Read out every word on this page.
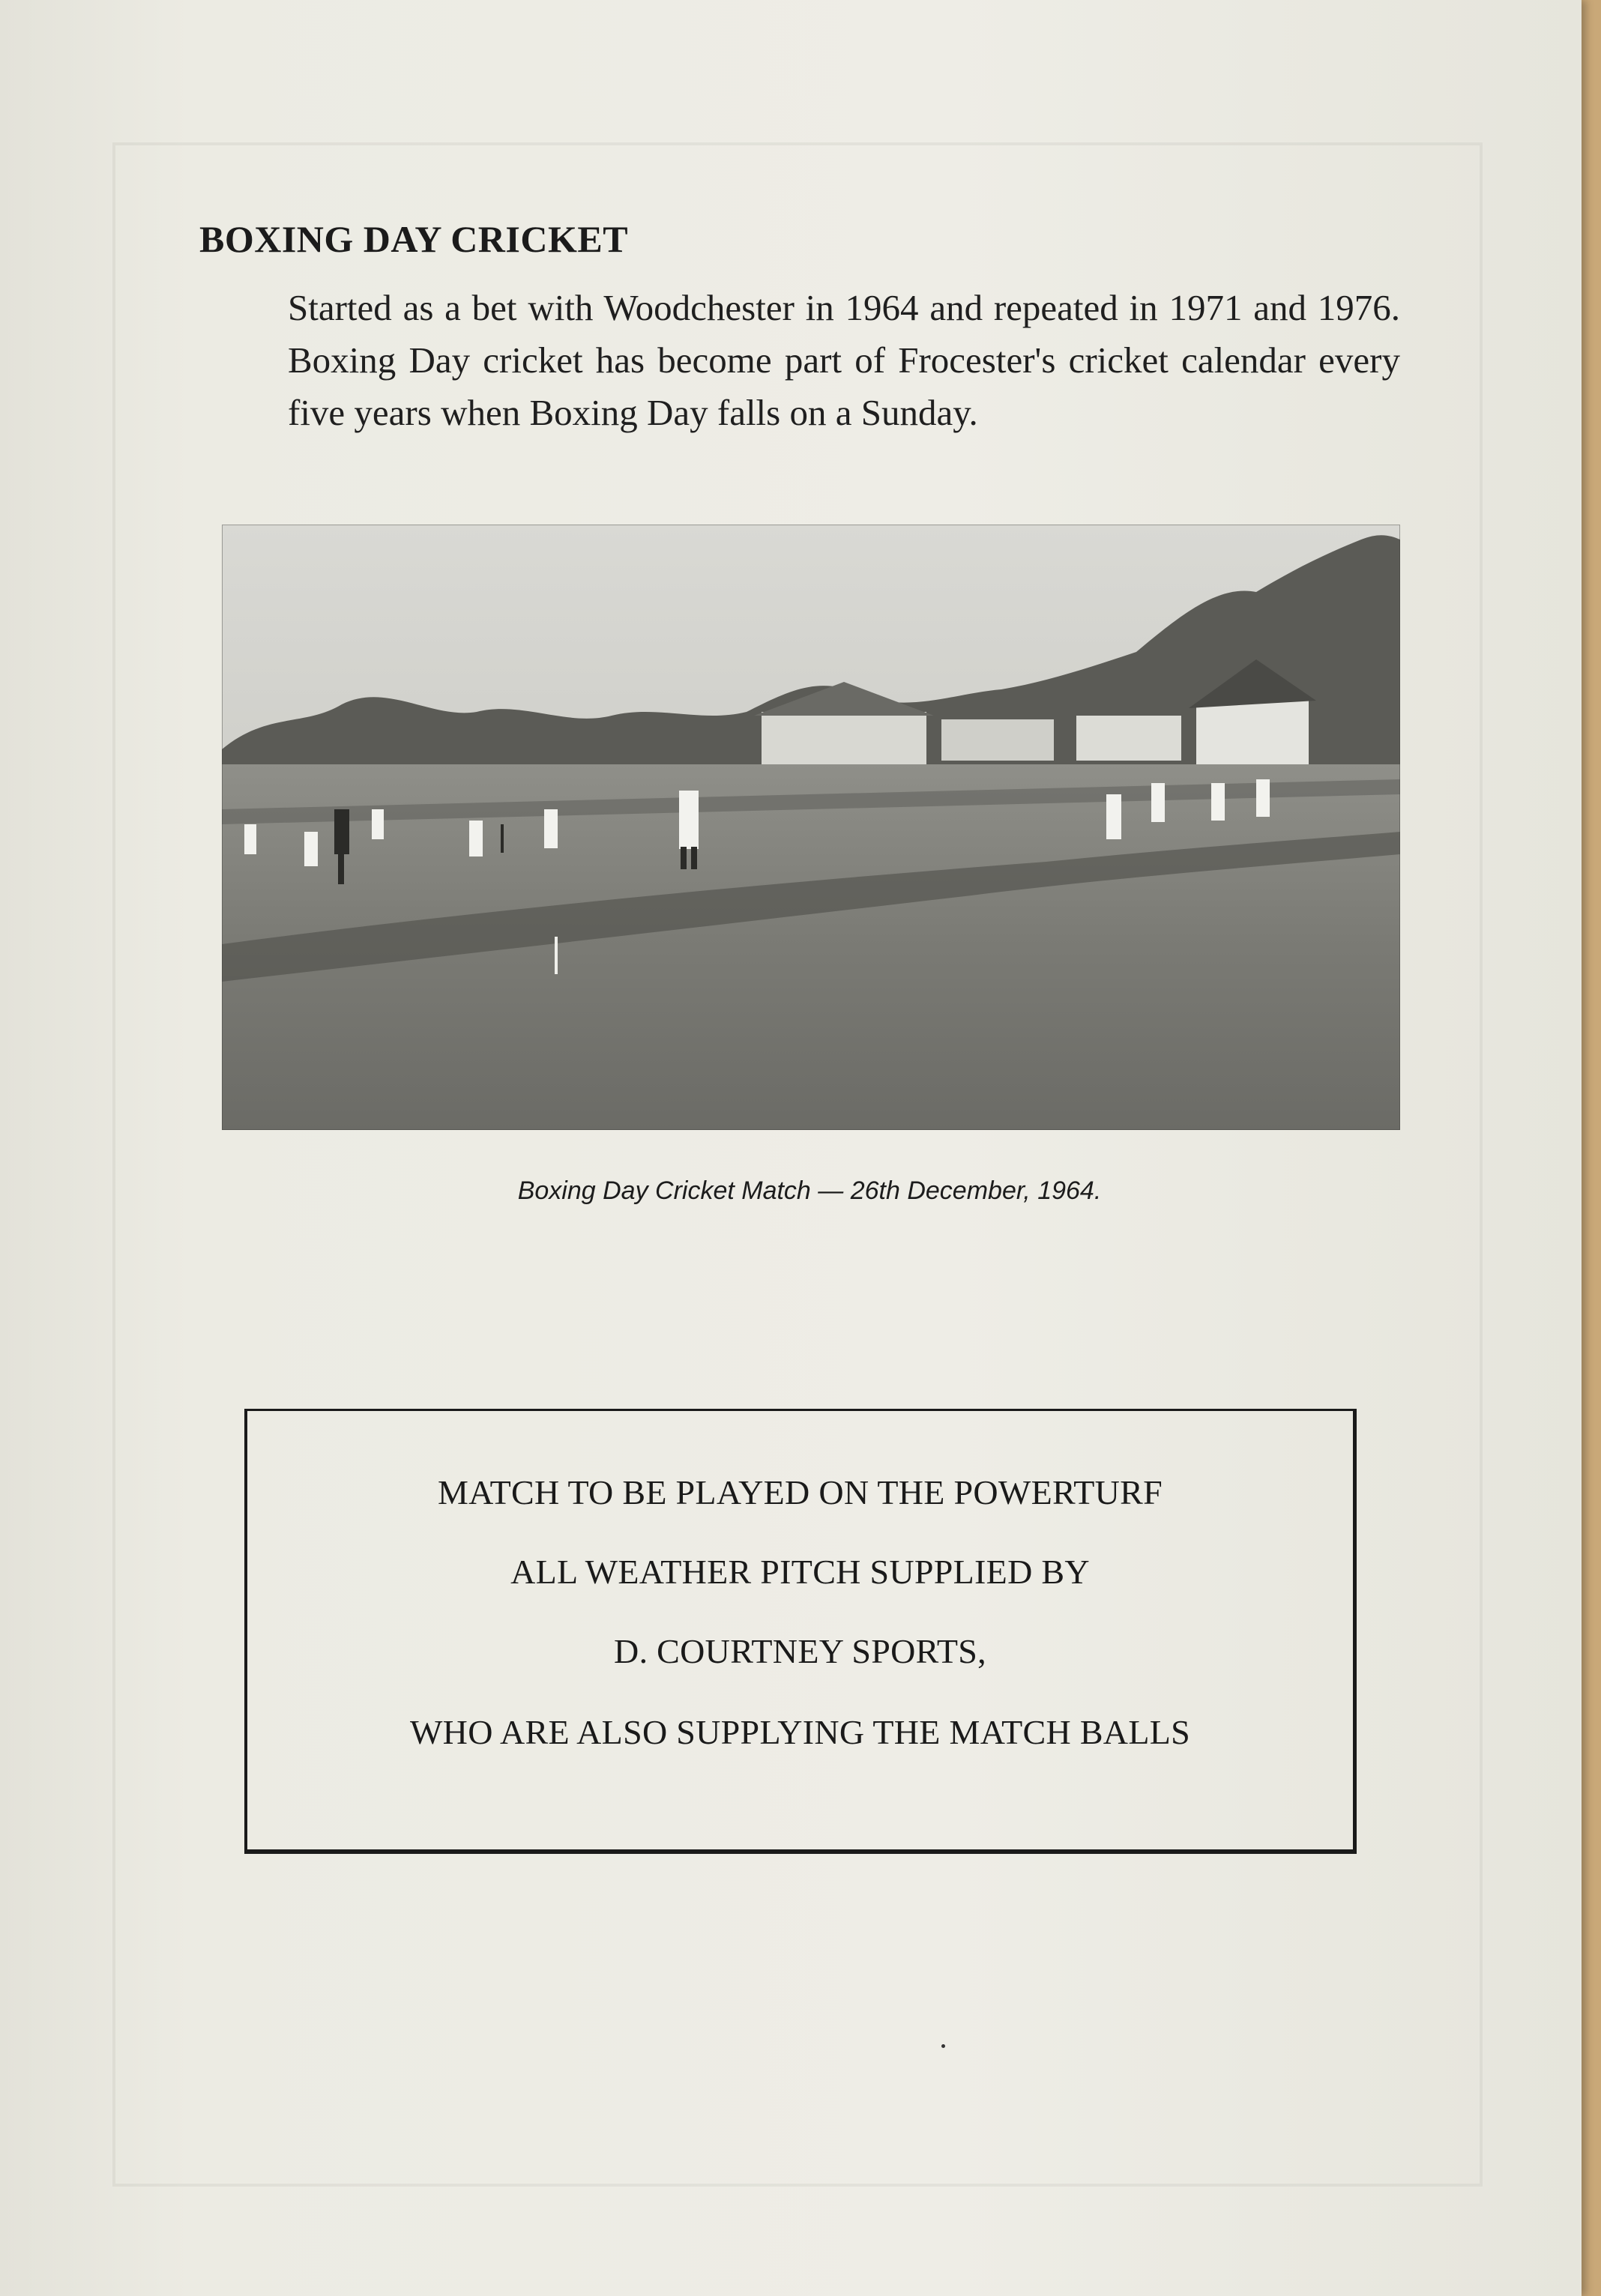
BOXING DAY CRICKET

Started as a bet with Woodchester in 1964 and repeated in 1971 and 1976. Boxing Day cricket has become part of Frocester's cricket calendar every five years when Boxing Day falls on a Sunday.

Boxing Day Cricket Match — 26th December, 1964.

MATCH TO BE PLAYED ON THE POWERTURF
ALL WEATHER PITCH SUPPLIED BY
D. COURTNEY SPORTS,
WHO ARE ALSO SUPPLYING THE MATCH BALLS
